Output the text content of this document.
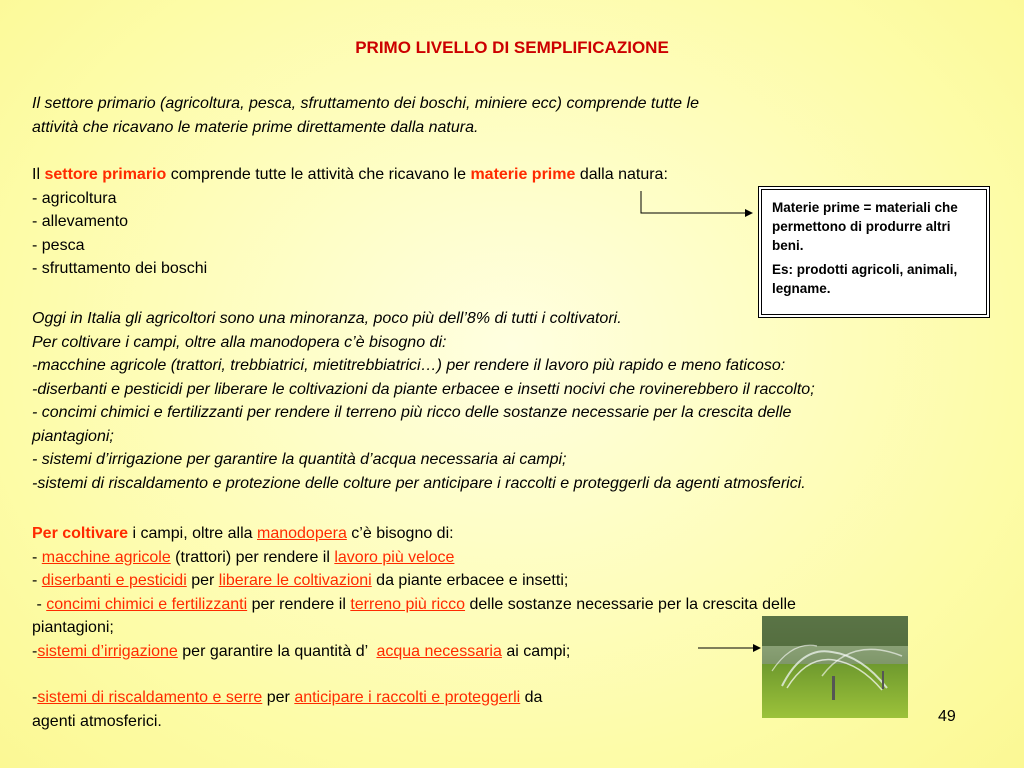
PRIMO LIVELLO DI SEMPLIFICAZIONE
Il settore primario (agricoltura, pesca, sfruttamento dei boschi, miniere ecc) comprende tutte le
attività che ricavano le materie prime direttamente dalla natura.
Il settore primario comprende tutte le attività che ricavano le materie prime dalla natura:
- agricoltura
- allevamento
- pesca
- sfruttamento dei boschi
Oggi in Italia gli agricoltori sono una minoranza, poco più dell’8% di tutti i coltivatori.
Per coltivare i campi, oltre alla manodopera c’è bisogno di:
-macchine agricole (trattori, trebbiatrici, mietitrebbiatrici…) per rendere il lavoro più rapido e meno faticoso:
-diserbanti e pesticidi per liberare le coltivazioni da piante erbacee e insetti nocivi che rovinerebbero il raccolto;
- concimi chimici e fertilizzanti per rendere il terreno più ricco delle sostanze necessarie per la crescita delle
piantagioni;
- sistemi d’irrigazione per garantire la quantità d’acqua necessaria ai campi;
-sistemi di riscaldamento e protezione delle colture per anticipare i raccolti e proteggerli da agenti atmosferici.
Per coltivare i campi, oltre alla manodopera c’è bisogno di:
- macchine agricole (trattori) per rendere il lavoro più veloce
- diserbanti e pesticidi per liberare le coltivazioni da piante erbacee e insetti;
- concimi chimici e fertilizzanti per rendere il terreno più ricco delle sostanze necessarie per la crescita delle
piantagioni;
-sistemi d’irrigazione per garantire la quantità d’  acqua necessaria ai campi;
-sistemi di riscaldamento e serre per anticipare i raccolti e proteggerli da
agenti atmosferici.

Materie prime = materiali che permettono di produrre altri beni.

Es: prodotti agricoli, animali, legname.

49
